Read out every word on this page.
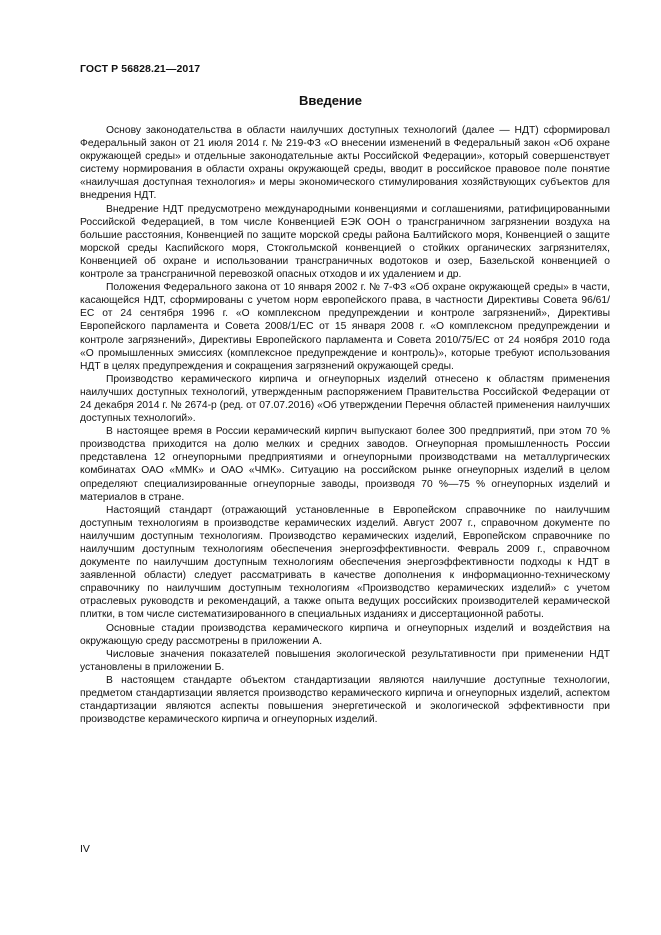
ГОСТ Р 56828.21—2017
Введение

Основу законодательства в области наилучших доступных технологий (далее — НДТ) сформировал Федеральный закон от 21 июля 2014 г. № 219-ФЗ «О внесении изменений в Федеральный закон «Об охране окружающей среды» и отдельные законодательные акты Российской Федерации», который совершенствует систему нормирования в области охраны окружающей среды, вводит в российское правовое поле понятие «наилучшая доступная технология» и меры экономического стимулирования хозяйствующих субъектов для внедрения НДТ.

Внедрение НДТ предусмотрено международными конвенциями и соглашениями, ратифицированными Российской Федерацией, в том числе Конвенцией ЕЭК ООН о трансграничном загрязнении воздуха на большие расстояния, Конвенцией по защите морской среды района Балтийского моря, Конвенцией о защите морской среды Каспийского моря, Стокгольмской конвенцией о стойких органических загрязнителях, Конвенцией об охране и использовании трансграничных водотоков и озер, Базельской конвенцией о контроле за трансграничной перевозкой опасных отходов и их удалением и др.

Положения Федерального закона от 10 января 2002 г. № 7-ФЗ «Об охране окружающей среды» в части, касающейся НДТ, сформированы с учетом норм европейского права, в частности Директивы Совета 96/61/ЕС от 24 сентября 1996 г. «О комплексном предупреждении и контроле загрязнений», Директивы Европейского парламента и Совета 2008/1/ЕС от 15 января 2008 г. «О комплексном предупреждении и контроле загрязнений», Директивы Европейского парламента и Совета 2010/75/ЕС от 24 ноября 2010 года «О промышленных эмиссиях (комплексное предупреждение и контроль)», которые требуют использования НДТ в целях предупреждения и сокращения загрязнений окружающей среды.

Производство керамического кирпича и огнеупорных изделий отнесено к областям применения наилучших доступных технологий, утвержденным распоряжением Правительства Российской Федерации от 24 декабря 2014 г. № 2674-р (ред. от 07.07.2016) «Об утверждении Перечня областей применения наилучших доступных технологий».

В настоящее время в России керамический кирпич выпускают более 300 предприятий, при этом 70 % производства приходится на долю мелких и средних заводов. Огнеупорная промышленность России представлена 12 огнеупорными предприятиями и огнеупорными производствами на металлургических комбинатах ОАО «ММК» и ОАО «ЧМК». Ситуацию на российском рынке огнеупорных изделий в целом определяют специализированные огнеупорные заводы, производя 70 %—75 % огнеупорных изделий и материалов в стране.

Настоящий стандарт (отражающий установленные в Европейском справочнике по наилучшим доступным технологиям в производстве керамических изделий. Август 2007 г., справочном документе по наилучшим доступным технологиям. Производство керамических изделий, Европейском справочнике по наилучшим доступным технологиям обеспечения энергоэффективности. Февраль 2009 г., справочном документе по наилучшим доступным технологиям обеспечения энергоэффективности подходы к НДТ в заявленной области) следует рассматривать в качестве дополнения к информационно-техническому справочнику по наилучшим доступным технологиям «Производство керамических изделий» с учетом отраслевых руководств и рекомендаций, а также опыта ведущих российских производителей керамической плитки, в том числе систематизированного в специальных изданиях и диссертационной работы.

Основные стадии производства керамического кирпича и огнеупорных изделий и воздействия на окружающую среду рассмотрены в приложении А.

Числовые значения показателей повышения экологической результативности при применении НДТ установлены в приложении Б.

В настоящем стандарте объектом стандартизации являются наилучшие доступные технологии, предметом стандартизации является производство керамического кирпича и огнеупорных изделий, аспектом стандартизации являются аспекты повышения энергетической и экологической эффективности при производстве керамического кирпича и огнеупорных изделий.

IV
